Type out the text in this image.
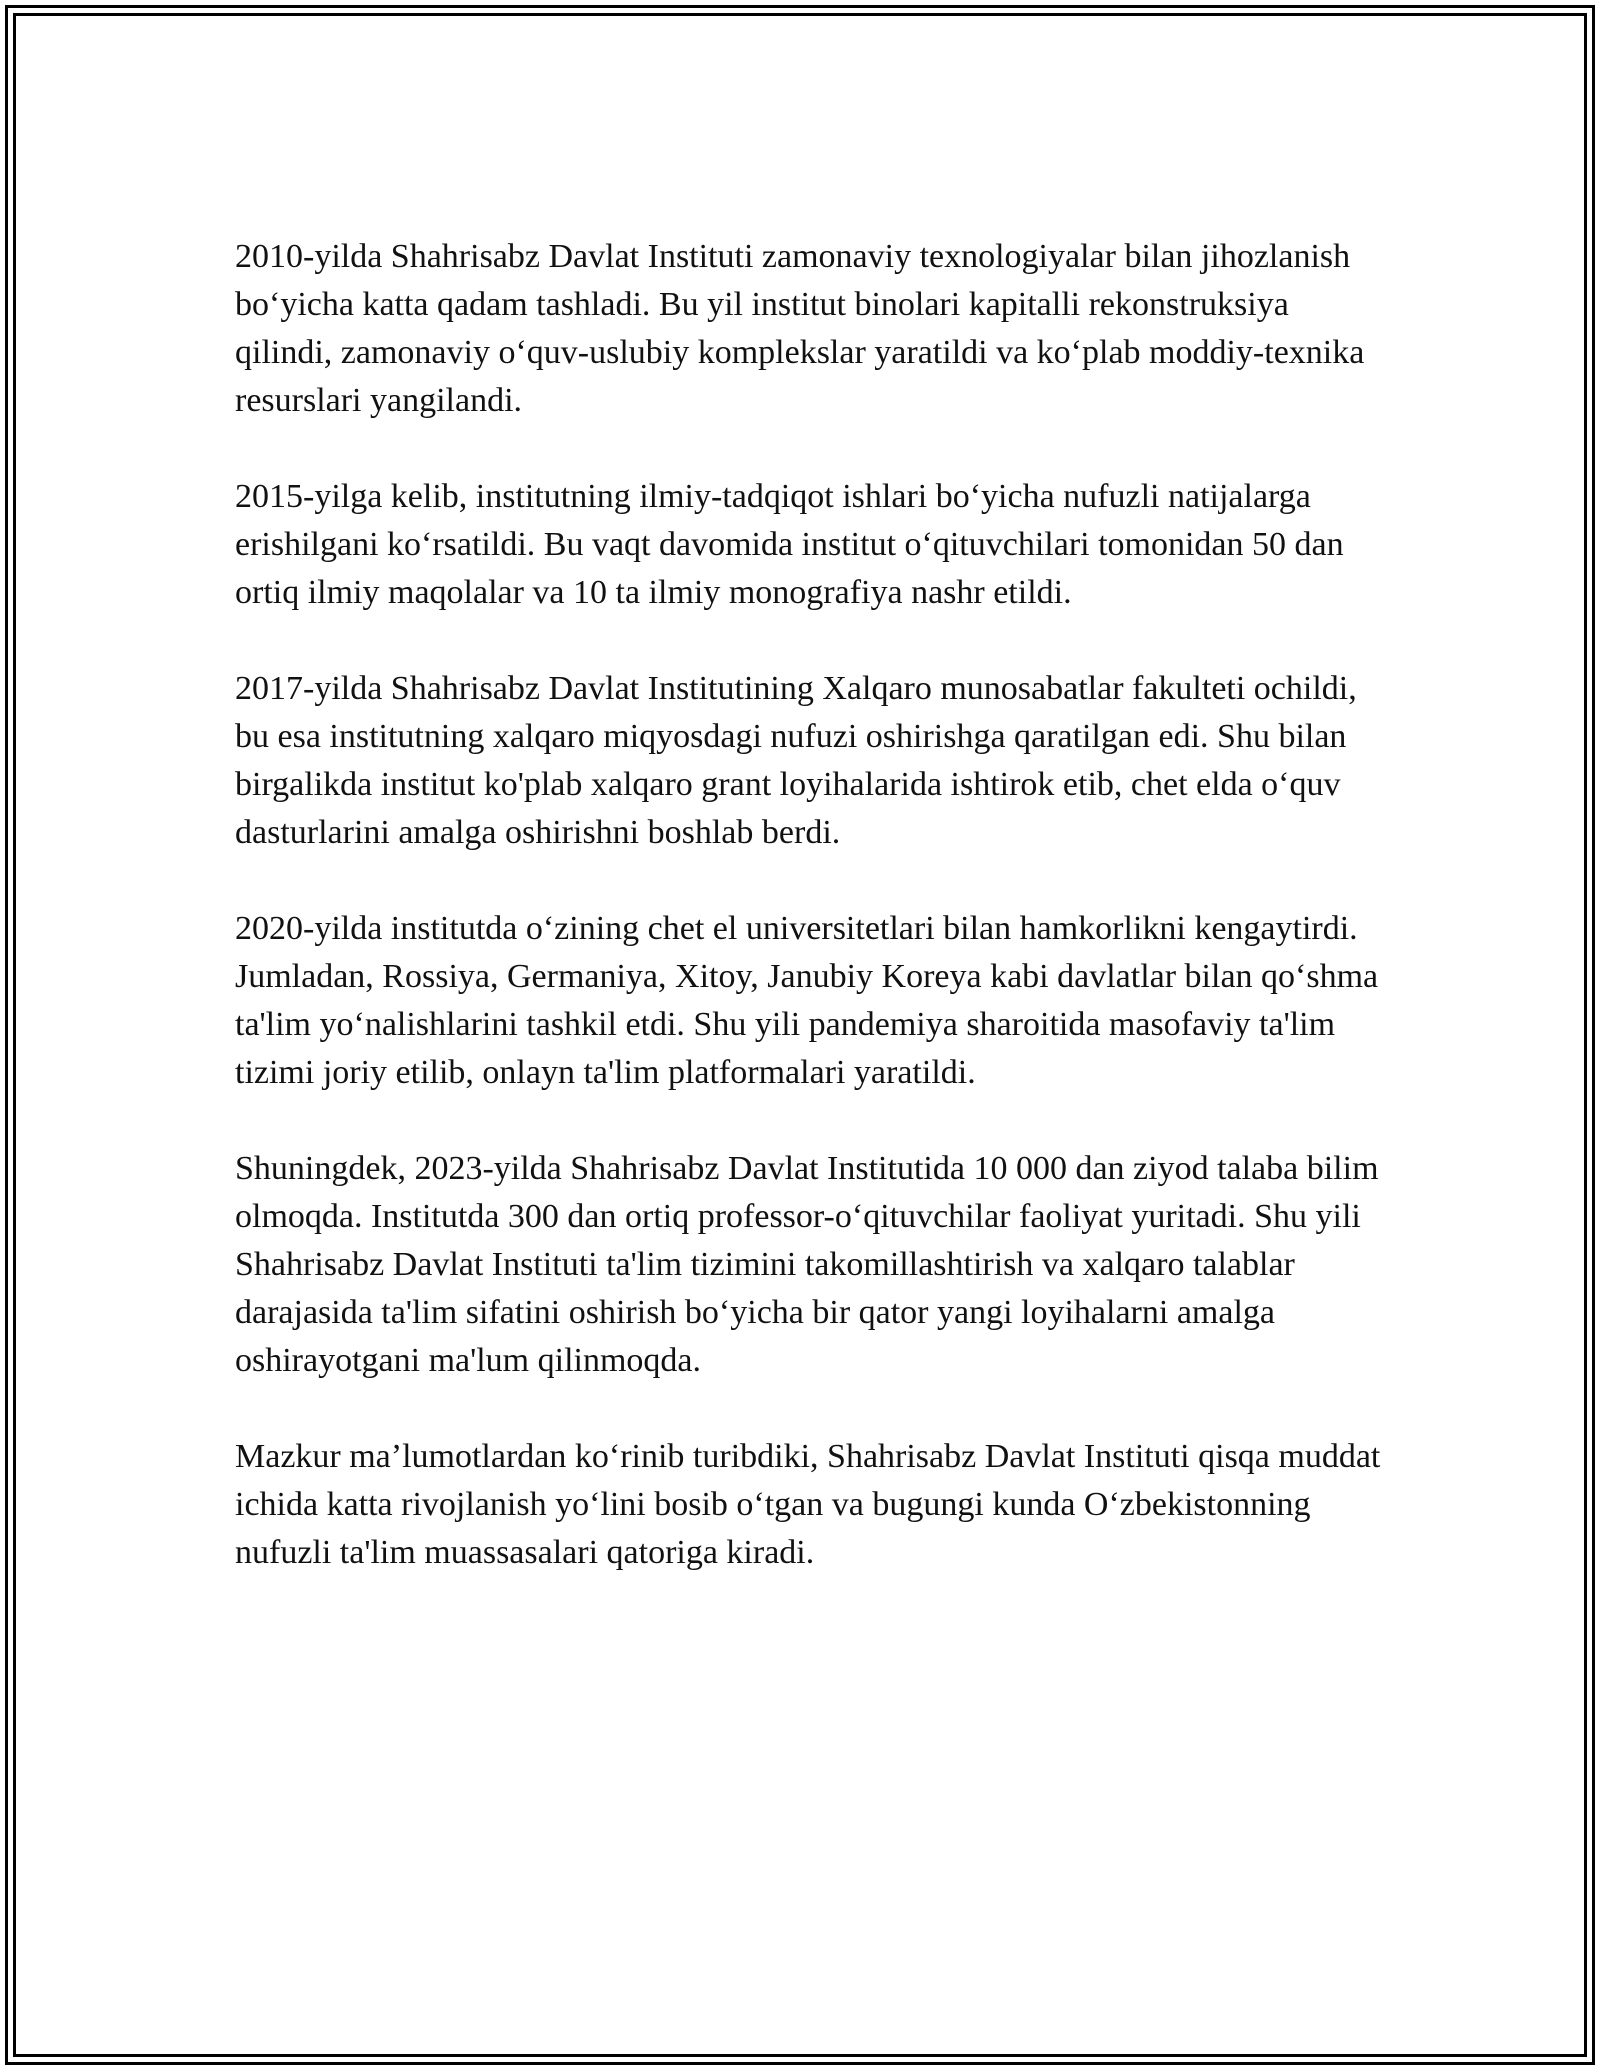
2010-yilda Shahrisabz Davlat Instituti zamonaviy texnologiyalar bilan jihozlanish bo‘yicha katta qadam tashladi. Bu yil institut binolari kapitalli rekonstruksiya qilindi, zamonaviy o‘quv-uslubiy komplekslar yaratildi va ko‘plab moddiy-texnika resurslari yangilandi.

2015-yilga kelib, institutning ilmiy-tadqiqot ishlari bo‘yicha nufuzli natijalarga erishilgani ko‘rsatildi. Bu vaqt davomida institut o‘qituvchilari tomonidan 50 dan ortiq ilmiy maqolalar va 10 ta ilmiy monografiya nashr etildi.

2017-yilda Shahrisabz Davlat Institutining Xalqaro munosabatlar fakulteti ochildi, bu esa institutning xalqaro miqyosdagi nufuzi oshirishga qaratilgan edi. Shu bilan birgalikda institut ko'plab xalqaro grant loyihalarida ishtirok etib, chet elda o‘quv dasturlarini amalga oshirishni boshlab berdi.

2020-yilda institutda o‘zining chet el universitetlari bilan hamkorlikni kengaytirdi. Jumladan, Rossiya, Germaniya, Xitoy, Janubiy Koreya kabi davlatlar bilan qo‘shma ta'lim yo‘nalishlarini tashkil etdi. Shu yili pandemiya sharoitida masofaviy ta'lim tizimi joriy etilib, onlayn ta'lim platformalari yaratildi.

Shuningdek, 2023-yilda Shahrisabz Davlat Institutida 10 000 dan ziyod talaba bilim olmoqda. Institutda 300 dan ortiq professor-o‘qituvchilar faoliyat yuritadi. Shu yili Shahrisabz Davlat Instituti ta'lim tizimini takomillashtirish va xalqaro talablar darajasida ta'lim sifatini oshirish bo‘yicha bir qator yangi loyihalarni amalga oshirayotgani ma'lum qilinmoqda.

Mazkur ma’lumotlardan ko‘rinib turibdiki, Shahrisabz Davlat Instituti qisqa muddat ichida katta rivojlanish yo‘lini bosib o‘tgan va bugungi kunda O‘zbekistonning nufuzli ta'lim muassasalari qatoriga kiradi.
